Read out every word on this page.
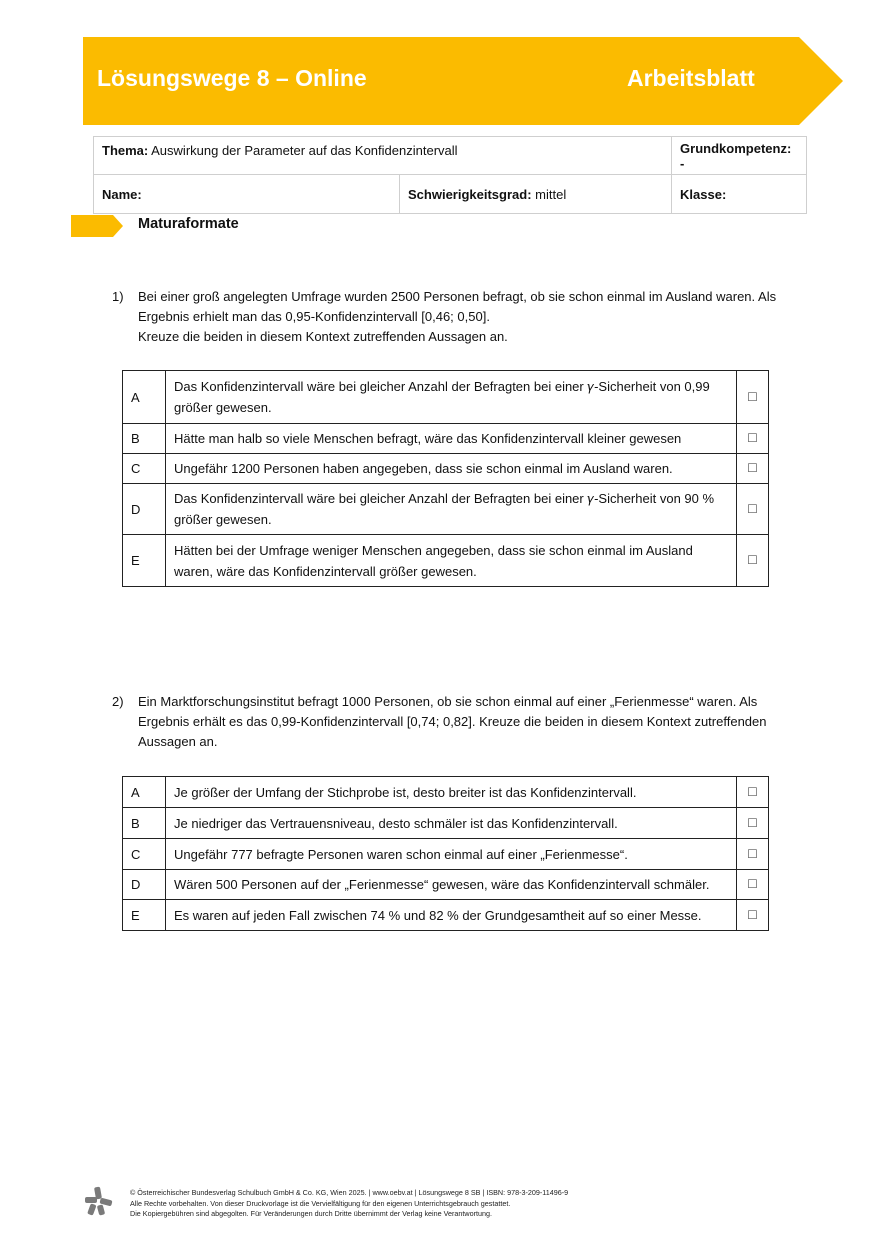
Lösungswege 8 – Online	Arbeitsblatt
Thema: Auswirkung der Parameter auf das Konfidenzintervall		Grundkompetenz: -
Name:	Schwierigkeitsgrad: mittel	Klasse:
Maturaformate
1) Bei einer groß angelegten Umfrage wurden 2500 Personen befragt, ob sie schon einmal im Ausland waren. Als
Ergebnis erhielt man das 0,95-Konfidenzintervall [0,46; 0,50].
Kreuze die beiden in diesem Kontext zutreffenden Aussagen an.
A	Das Konfidenzintervall wäre bei gleicher Anzahl der Befragten bei einer 𝛾-Sicherheit von 0,99
größer gewesen.	☐
B	Hätte man halb so viele Menschen befragt, wäre das Konfidenzintervall kleiner gewesen	☐
C	Ungefähr 1200 Personen haben angegeben, dass sie schon einmal im Ausland waren.	☐
D	Das Konfidenzintervall wäre bei gleicher Anzahl der Befragten bei einer 𝛾-Sicherheit von 90 %
größer gewesen.	☐
E	Hätten bei der Umfrage weniger Menschen angegeben, dass sie schon einmal im Ausland
waren, wäre das Konfidenzintervall größer gewesen.	☐
2) Ein Marktforschungsinstitut befragt 1000 Personen, ob sie schon einmal auf einer „Ferienmesse“ waren. Als
Ergebnis erhält es das 0,99-Konfidenzintervall [0,74; 0,82]. Kreuze die beiden in diesem Kontext zutreffenden
Aussagen an.
A	Je größer der Umfang der Stichprobe ist, desto breiter ist das Konfidenzintervall.	☐
B	Je niedriger das Vertrauensniveau, desto schmäler ist das Konfidenzintervall.	☐
C	Ungefähr 777 befragte Personen waren schon einmal auf einer „Ferienmesse“.	☐
D	Wären 500 Personen auf der „Ferienmesse“ gewesen, wäre das Konfidenzintervall schmäler.	☐
E	Es waren auf jeden Fall zwischen 74 % und 82 % der Grundgesamtheit auf so einer Messe.	☐
© Österreichischer Bundesverlag Schulbuch GmbH & Co. KG, Wien 2025. | www.oebv.at | Lösungswege 8 SB | ISBN: 978-3-209-11496-9
Alle Rechte vorbehalten. Von dieser Druckvorlage ist die Vervielfältigung für den eigenen Unterrichtsgebrauch gestattet.
Die Kopiergebühren sind abgegolten. Für Veränderungen durch Dritte übernimmt der Verlag keine Verantwortung.
